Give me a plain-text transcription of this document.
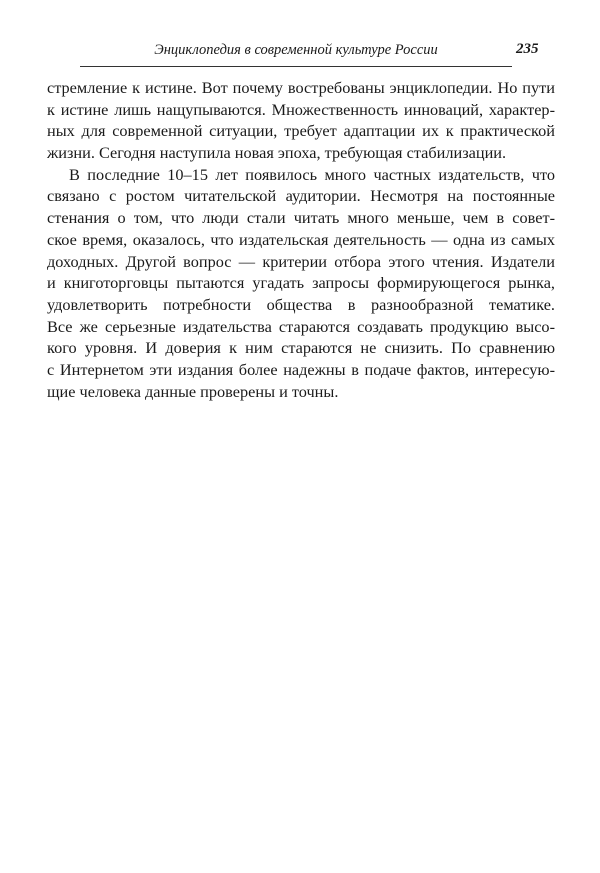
Энциклопедия в современной культуре России	235
стремление к истине. Вот почему востребованы энциклопедии. Но пути
к истине лишь нащупываются. Множественность инноваций, характер-
ных для современной ситуации, требует адаптации их к практической
жизни. Сегодня наступила новая эпоха, требующая стабилизации.
В последние 10–15 лет появилось много частных издательств, что
связано с ростом читательской аудитории. Несмотря на постоянные
стенания о том, что люди стали читать много меньше, чем в совет-
ское время, оказалось, что издательская деятельность — одна из самых
доходных. Другой вопрос — критерии отбора этого чтения. Издатели
и книготорговцы пытаются угадать запросы формирующегося рынка,
удовлетворить потребности общества в разнообразной тематике.
Все же серьезные издательства стараются создавать продукцию высо-
кого уровня. И доверия к ним стараются не снизить. По сравнению
с Интернетом эти издания более надежны в подаче фактов, интересую-
щие человека данные проверены и точны.
